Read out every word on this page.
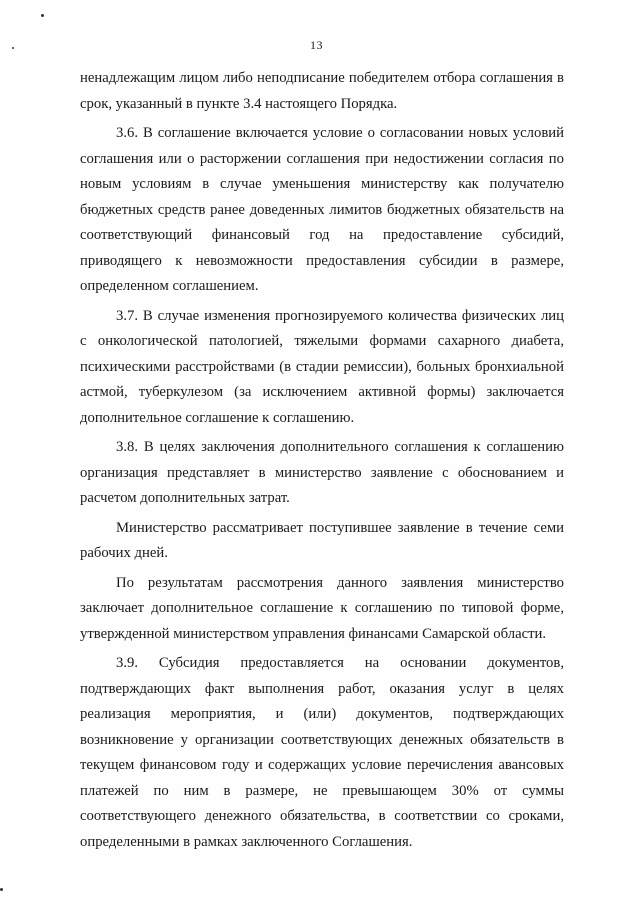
13

ненадлежащим лицом либо неподписание победителем отбора соглашения в срок, указанный в пункте 3.4 настоящего Порядка.

3.6. В соглашение включается условие о согласовании новых условий соглашения или о расторжении соглашения при недостижении согласия по новым условиям в случае уменьшения министерству как получателю бюджетных средств ранее доведенных лимитов бюджетных обязательств на соответствующий финансовый год на предоставление субсидий, приводящего к невозможности предоставления субсидии в размере, определенном соглашением.

3.7. В случае изменения прогнозируемого количества физических лиц с онкологической патологией, тяжелыми формами сахарного диабета, психическими расстройствами (в стадии ремиссии), больных бронхиальной астмой, туберкулезом (за исключением активной формы) заключается дополнительное соглашение к соглашению.

3.8. В целях заключения дополнительного соглашения к соглашению организация представляет в министерство заявление с обоснованием и расчетом дополнительных затрат.

Министерство рассматривает поступившее заявление в течение семи рабочих дней.

По результатам рассмотрения данного заявления министерство заключает дополнительное соглашение к соглашению по типовой форме, утвержденной министерством управления финансами Самарской области.

3.9. Субсидия предоставляется на основании документов, подтверждающих факт выполнения работ, оказания услуг в целях реализация мероприятия, и (или) документов, подтверждающих возникновение у организации соответствующих денежных обязательств в текущем финансовом году и содержащих условие перечисления авансовых платежей по ним в размере, не превышающем 30% от суммы соответствующего денежного обязательства, в соответствии со сроками, определенными в рамках заключенного Соглашения.
